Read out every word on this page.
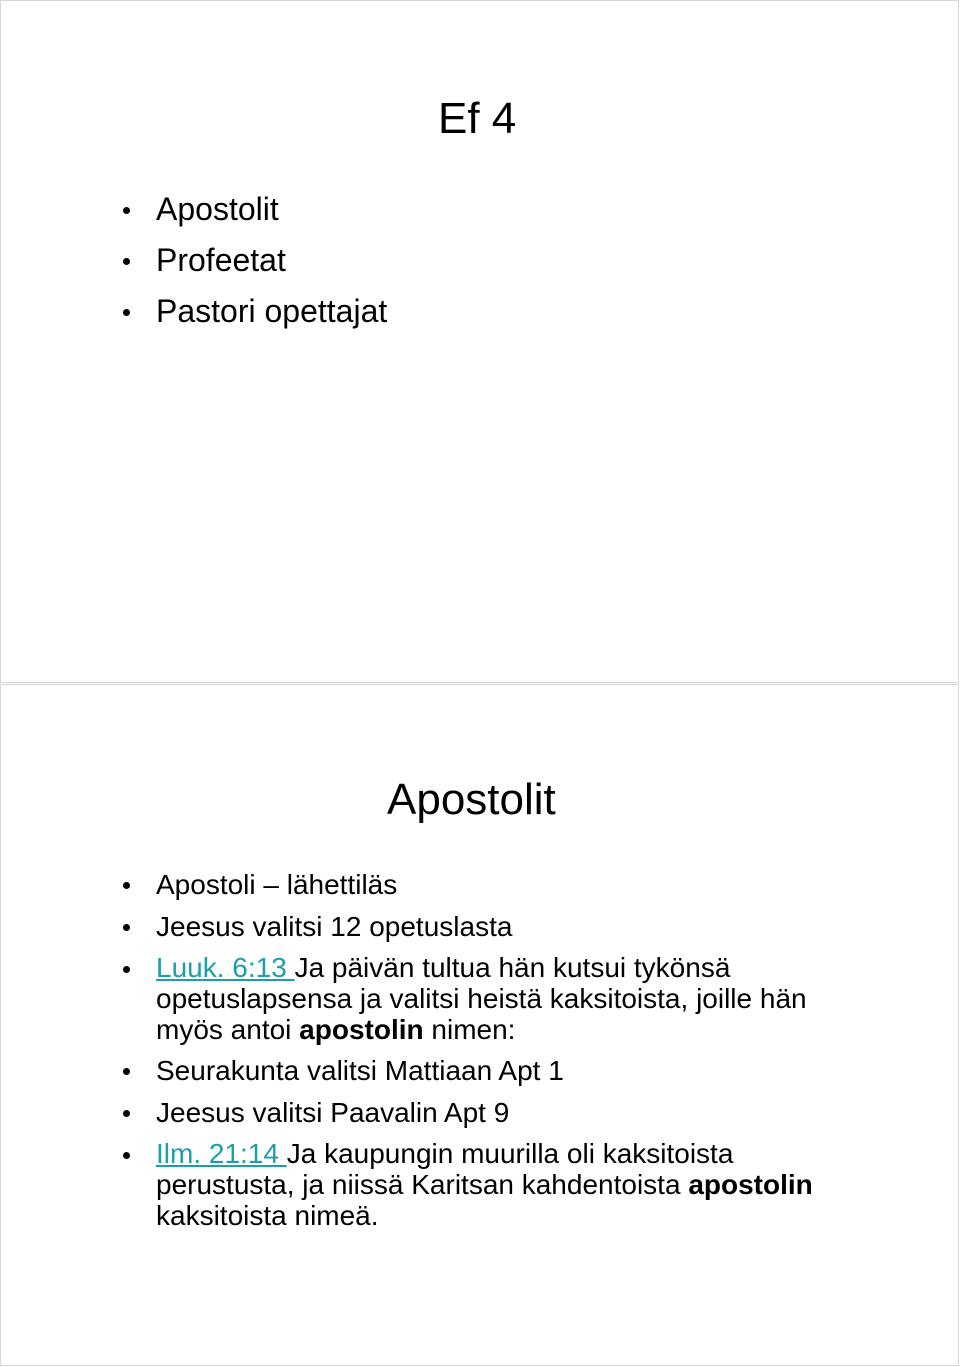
Ef 4
Apostolit
Profeetat
Pastori opettajat
Apostolit
Apostoli – lähettiläs
Jeesus valitsi 12 opetuslasta
Luuk. 6:13 Ja päivän tultua hän kutsui tykönsä opetuslapsensa ja valitsi heistä kaksitoista, joille hän myös antoi apostolin nimen:
Seurakunta valitsi Mattiaan Apt 1
Jeesus valitsi Paavalin Apt 9
Ilm. 21:14 Ja kaupungin muurilla oli kaksitoista perustusta, ja niissä Karitsan kahdentoista apostolin kaksitoista nimeä.
